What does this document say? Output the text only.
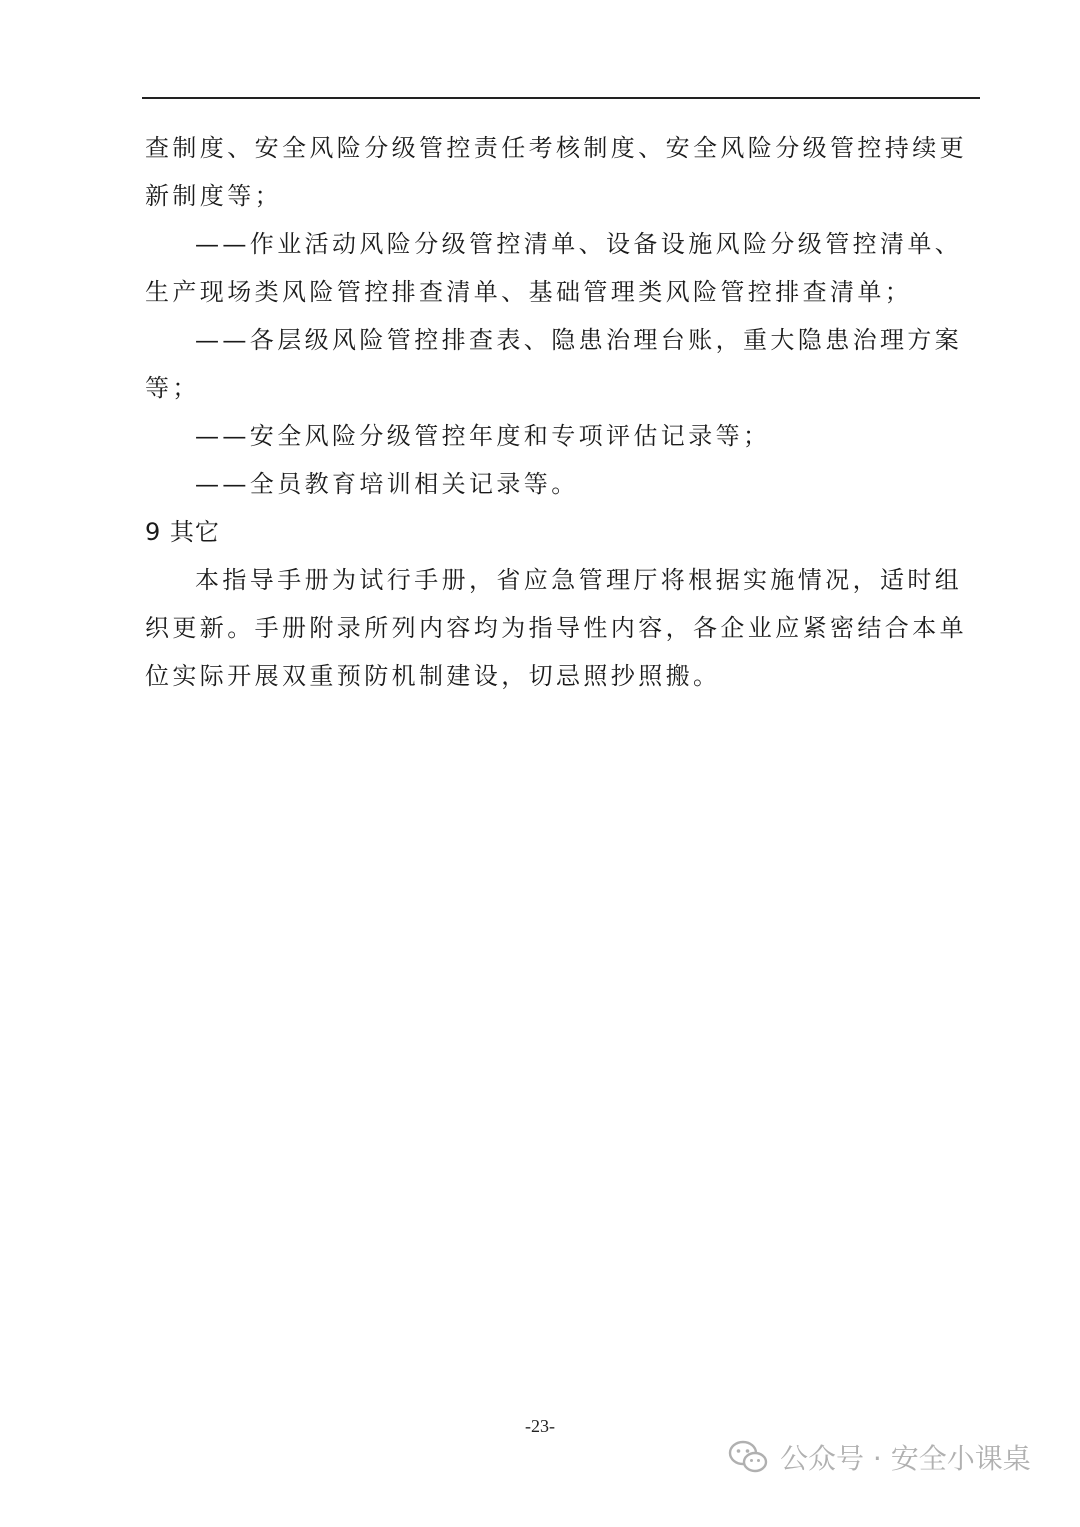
查制度、安全风险分级管控责任考核制度、安全风险分级管控持续更新制度等；

——作业活动风险分级管控清单、设备设施风险分级管控清单、生产现场类风险管控排查清单、基础管理类风险管控排查清单；

——各层级风险管控排查表、隐患治理台账，重大隐患治理方案等；

——安全风险分级管控年度和专项评估记录等；

——全员教育培训相关记录等。

9 其它

本指导手册为试行手册，省应急管理厅将根据实施情况，适时组织更新。手册附录所列内容均为指导性内容，各企业应紧密结合本单位实际开展双重预防机制建设，切忌照抄照搬。

-23-
公众号 · 安全小课桌
